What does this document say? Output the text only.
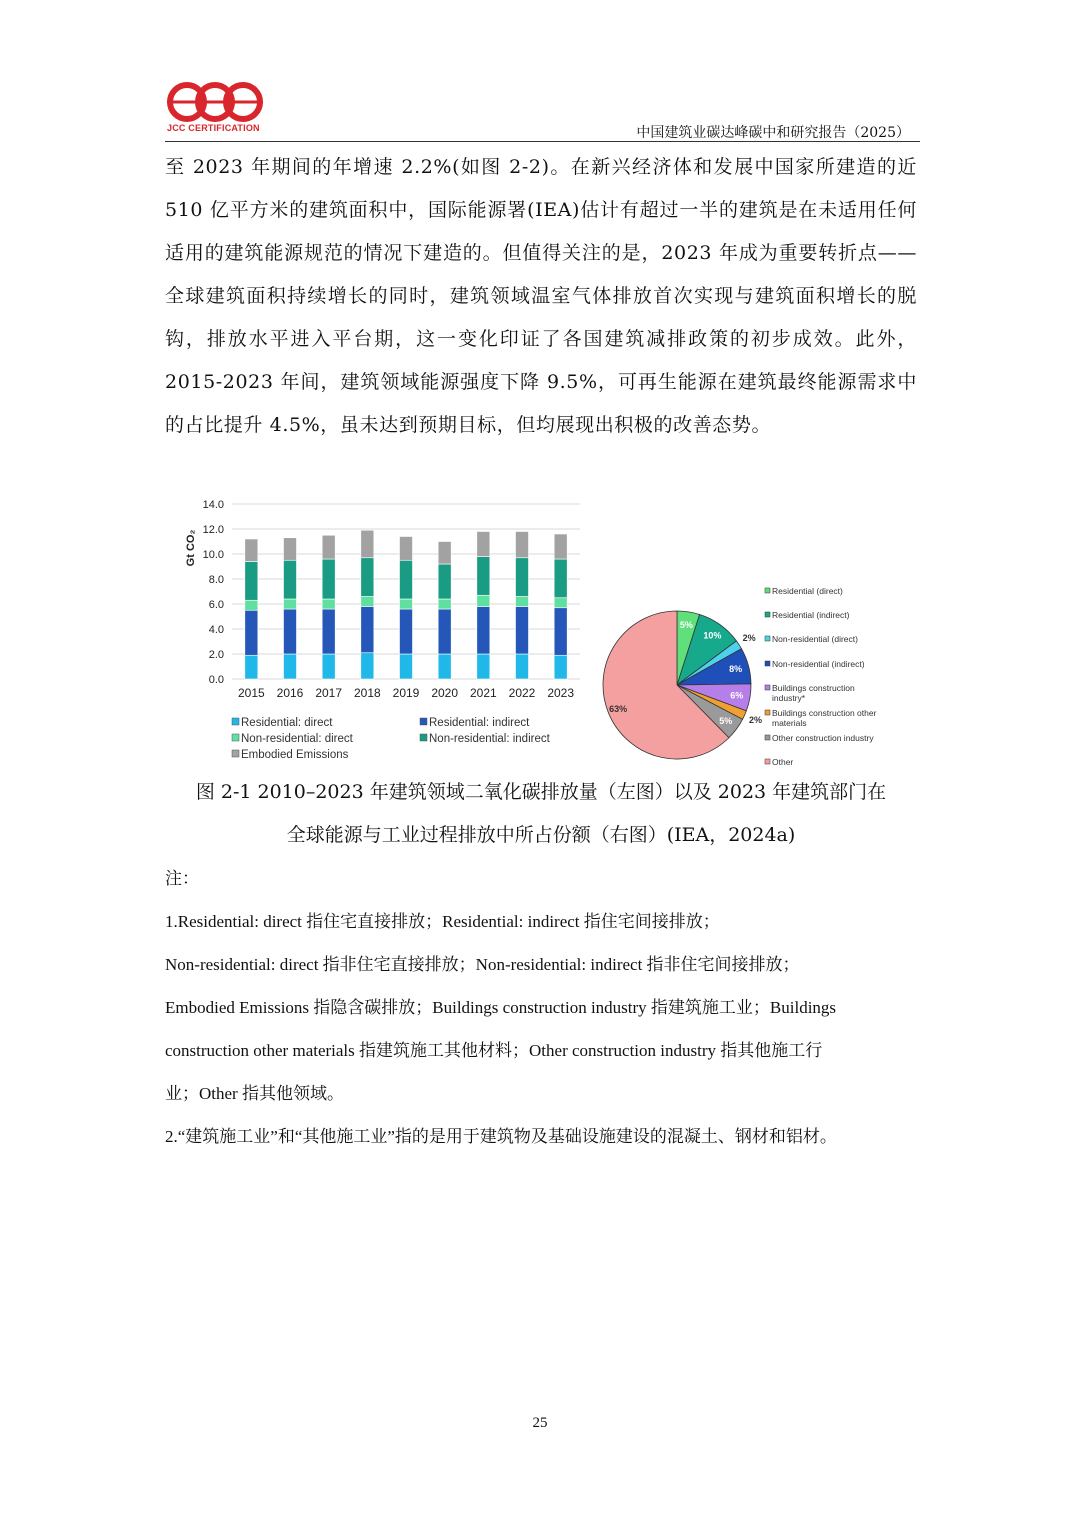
JCC CERTIFICATION	中国建筑业碳达峰碳中和研究报告（2025）
至 2023 年期间的年增速 2.2%(如图 2-2)。在新兴经济体和发展中国家所建造的近 510 亿平方米的建筑面积中，国际能源署(IEA)估计有超过一半的建筑是在未适用任何适用的建筑能源规范的情况下建造的。但值得关注的是，2023 年成为重要转折点——全球建筑面积持续增长的同时，建筑领域温室气体排放首次实现与建筑面积增长的脱钩，排放水平进入平台期，这一变化印证了各国建筑减排政策的初步成效。此外，2015-2023 年间，建筑领域能源强度下降 9.5%，可再生能源在建筑最终能源需求中的占比提升 4.5%，虽未达到预期目标，但均展现出积极的改善态势。
Gt CO₂
0.0
2.0
4.0
6.0
8.0
10.0
12.0
14.0
2015 2016 2017 2018 2019 2020 2021 2022 2023
Residential: direct	Residential: indirect
Non-residential: direct	Non-residential: indirect
Embodied Emissions
5%
10% 2%
8%
6%
2%
5%
63%
Residential (direct)
Residential (indirect)
Non-residential (direct)
Non-residential (indirect)
Buildings construction industry*
Buildings construction other materials
Other construction industry
Other
图 2-1 2010–2023 年建筑领域二氧化碳排放量（左图）以及 2023 年建筑部门在
全球能源与工业过程排放中所占份额（右图）(IEA，2024a)
注：
1.Residential: direct 指住宅直接排放；Residential: indirect 指住宅间接排放；
Non-residential: direct 指非住宅直接排放；Non-residential: indirect 指非住宅间接排放；
Embodied Emissions 指隐含碳排放；Buildings construction industry 指建筑施工业；Buildings
construction other materials 指建筑施工其他材料；Other construction industry 指其他施工行
业；Other 指其他领域。
2.“建筑施工业”和“其他施工业”指的是用于建筑物及基础设施建设的混凝土、钢材和铝材。
25
